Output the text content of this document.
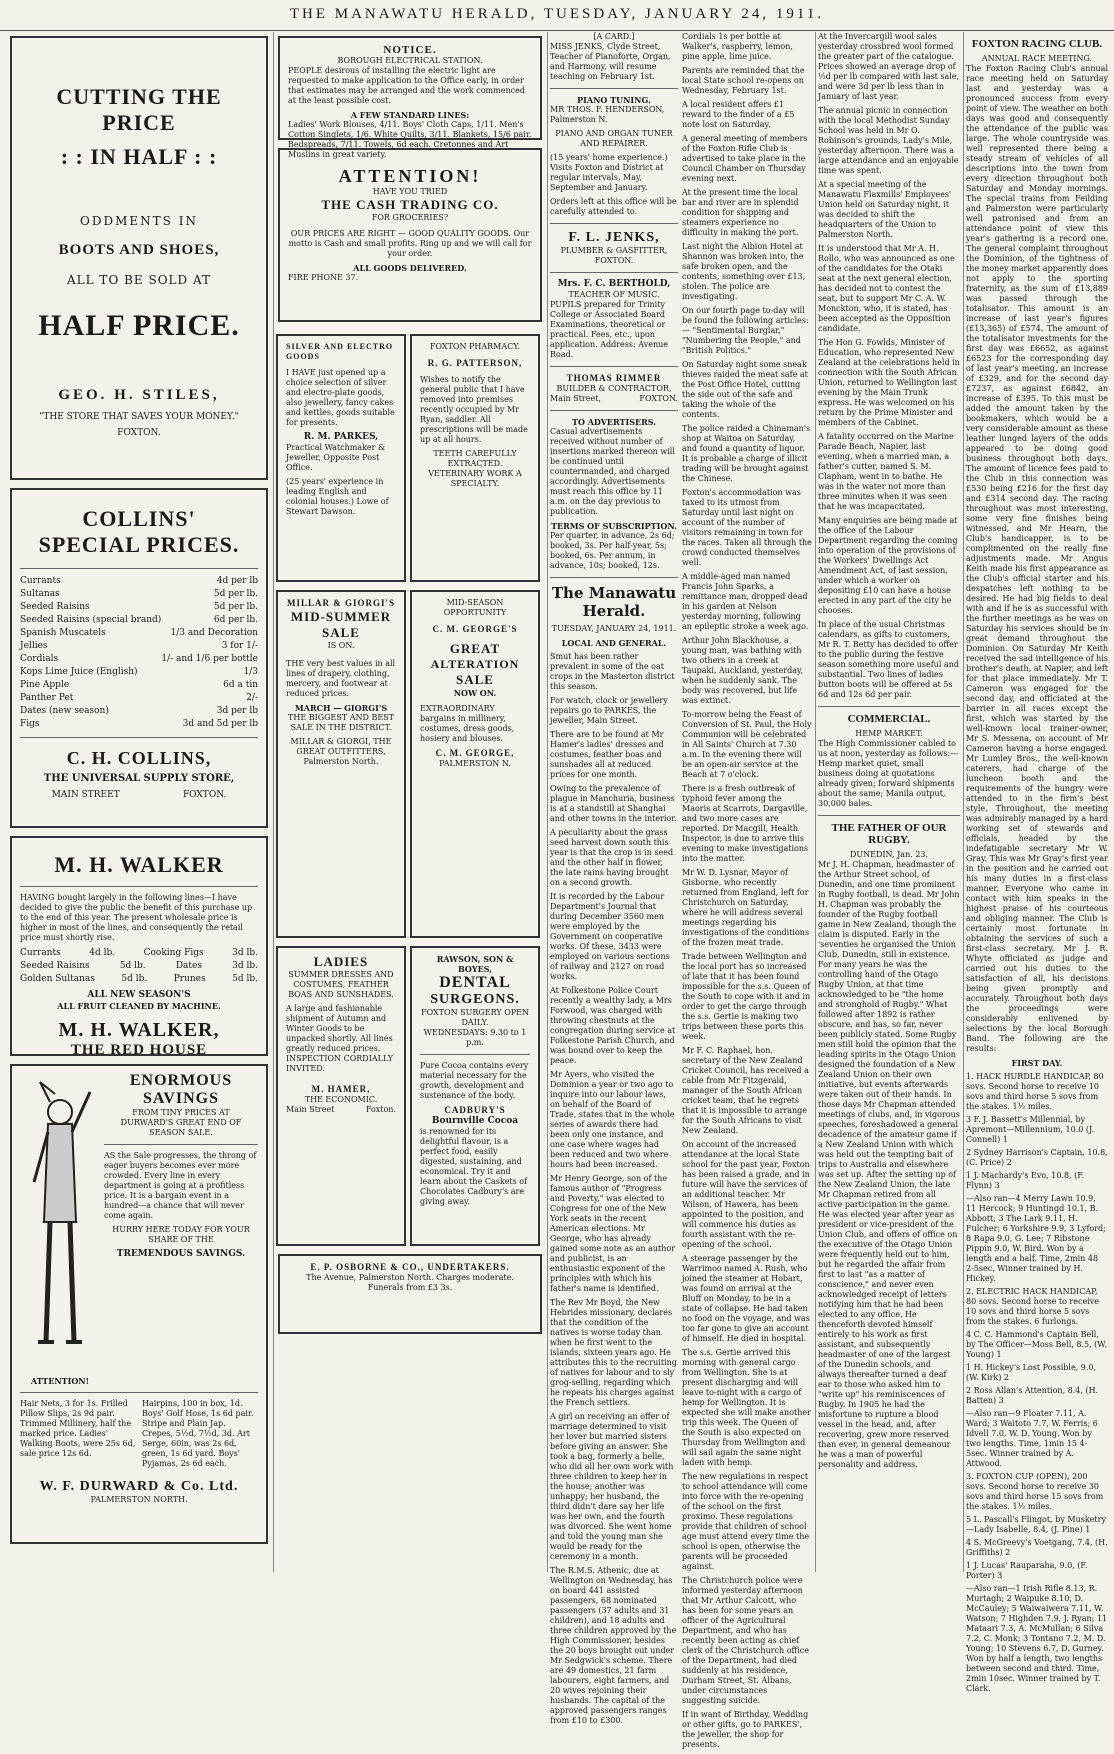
THE MANAWATU HERALD, TUESDAY, JANUARY 24, 1911.
CUTTING THE PRICE
: : IN HALF : :
ODDMENTS IN
BOOTS AND SHOES,
ALL TO BE SOLD AT
HALF PRICE.
GEO. H. STILES,
"THE STORE THAT SAVES YOUR MONEY."
FOXTON.
COLLINS'
SPECIAL PRICES.
Currants	4d per lb
Sultanas	5d per lb.
Seeded Raisins	5d per lb.
Seeded Raisins (special brand)	6d per lb.
Spanish Muscatels	1/3 and Decoration
Jellies	3 for 1/-
Cordials	1/- and 1/6 per bottle
Kops Lime Juice (English)	1/3
Pine Apple	6d a tin
Panther Pet	2/-
Dates (new season)	3d per lb
Figs	3d and 5d per lb
C. H. COLLINS,
THE UNIVERSAL SUPPLY STORE,
MAIN STREET	FOXTON.
M. H. WALKER

HAVING bought largely in the following lines—I have decided to give the public the benefit of this purchase up to the end of this year. The present wholesale price is higher in most of the lines, and consequently the retail price must shortly rise.

Currants	4d lb.	Cooking Figs	3d lb.
Seeded Raisins	5d lb.	Dates	3d lb.
Golden Sultanas	5d lb.	Prunes	5d lb.
ALL NEW SEASON'S
ALL FRUIT CLEANED BY MACHINE.
M. H. WALKER,
THE RED HOUSE
ATTENTION!
ENORMOUS
SAVINGS
FROM TINY PRICES AT
DURWARD'S GREAT END OF
SEASON SALE.

AS the Sale progresses, the throng of eager buyers becomes ever more crowded. Every line in every department is going at a profitless price. It is a bargain event in a hundred—a chance that will never come again.

HURRY HERE TODAY FOR YOUR SHARE OF THE

TREMENDOUS SAVINGS.

Hair Nets, 3 for 1s. Frilled Pillow Slips, 2s 9d pair. Trimmed Millinery, half the marked price. Ladies' Walking Boots, were 25s 6d, sale price 12s 6d.

Hairpins, 100 in box, 1d. Boys' Golf Hose, 1s 6d pair. Stripe and Plain Jap. Crepes, 5½d, 7½d, 3d. Art Serge, 60in, was 2s 6d, green, 1s 6d yard. Boys' Pyjamas, 2s 6d each.

W. F. DURWARD & Co. Ltd.
PALMERSTON NORTH.
NOTICE.
BOROUGH ELECTRICAL STATION.

PEOPLE desirous of installing the electric light are requested to make application to the Office early, in order that estimates may be arranged and the work commenced at the least possible cost.

A FEW STANDARD LINES:

Ladies' Work Blouses, 4/11. Boys' Cloth Caps, 1/11. Men's Cotton Singlets, 1/6. White Quilts, 3/11. Blankets, 15/6 pair. Bedspreads, 7/11. Towels, 6d each. Cretonnes and Art Muslins in great variety.

ATTENTION!
HAVE YOU TRIED
THE CASH TRADING CO.
FOR GROCERIES?

OUR PRICES ARE RIGHT — GOOD QUALITY GOODS. Our motto is Cash and small profits. Ring up and we will call for your order.

ALL GOODS DELIVERED.
FIRE PHONE 37.
SILVER AND ELECTRO GOODS

I HAVE just opened up a choice selection of silver and electro-plate goods, also jewellery, fancy cakes and kettles, goods suitable for presents.

R. M. PARKES,

Practical Watchmaker & Jeweller, Opposite Post Office.

(25 years' experience in leading English and colonial houses.) Lowe of Stewart Dawson.

FOXTON PHARMACY.
R. G. PATTERSON,

Wishes to notify the general public that I have removed into premises recently occupied by Mr Ryan, saddler. All prescriptions will be made up at all hours.

TEETH CAREFULLY EXTRACTED. VETERINARY WORK A SPECIALTY.

MILLAR & GIORGI'S
MID-SUMMER
SALE
IS ON.

THE very best values in all lines of drapery, clothing, mercery, and footwear at reduced prices.

MARCH — GIORGI'S

THE BIGGEST AND BEST SALE IN THE DISTRICT.

MILLAR & GIORGI, THE GREAT OUTFITTERS, Palmerston North.

MID-SEASON
OPPORTUNITY
C. M. GEORGE'S
GREAT
ALTERATION
SALE
NOW ON.

EXTRAORDINARY bargains in millinery, costumes, dress goods, hosiery and blouses.

C. M. GEORGE,
PALMERSTON N.
LADIES

SUMMER DRESSES AND COSTUMES, FEATHER BOAS AND SUNSHADES.

A large and fashionable shipment of Autumn and Winter Goods to be unpacked shortly. All lines greatly reduced prices. INSPECTION CORDIALLY INVITED.

M. HAMER,
THE ECONOMIC.
Main Street	Foxton.
RAWSON, SON & BOYES,
DENTAL
SURGEONS.
FOXTON SURGERY OPEN DAILY.
WEDNESDAYS: 9.30 to 1 p.m.

Pure Cocoa contains every material necessary for the growth, development and sustenance of the body.

CADBURY'S
Bournville Cocoa

is renowned for its delightful flavour, is a perfect food, easily digested, sustaining, and economical. Try it and learn about the Caskets of Chocolates Cadbury's are giving away.

E. P. OSBORNE & CO., UNDERTAKERS.

The Avenue, Palmerston North. Charges moderate. Funerals from £3 3s.

[A CARD.]

MISS JENKS, Clyde Street, Teacher of Pianoforte, Organ, and Harmony, will resume teaching on February 1st.

PIANO TUNING.

MR THOS. F. HENDERSON, Palmerston N.

PIANO AND ORGAN TUNER AND REPAIRER.

(15 years' home experience.) Visits Foxton and District at regular intervals, May, September and January.

Orders left at this office will be carefully attended to.

F. L. JENKS,
PLUMBER & GASFITTER,
FOXTON.
Mrs. F. C. BERTHOLD,
TEACHER OF MUSIC.

PUPILS prepared for Trinity College or Associated Board Examinations, theoretical or practical. Fees, etc., upon application. Address: Avenue Road.

THOMAS RIMMER
BUILDER & CONTRACTOR,
Main Street,	FOXTON.
TO ADVERTISERS.

Casual advertisements received without number of insertions marked thereon will be continued until countermanded, and charged accordingly. Advertisements must reach this office by 11 a.m. on the day previous to publication.

TERMS OF SUBSCRIPTION.

Per quarter, in advance, 2s 6d; booked, 3s. Per half-year, 5s; booked, 6s. Per annum, in advance, 10s; booked, 12s.

The Manawatu Herald.
TUESDAY, JANUARY 24, 1911.
LOCAL AND GENERAL.

Smut has been rather prevalent in some of the oat crops in the Masterton district this season.

For watch, clock or jewellery repairs go to PARKES, the jeweller, Main Street.

There are to be found at Mr Hamer's ladies' dresses and costumes, feather boas and sunshades all at reduced prices for one month.

Owing to the prevalence of plague in Manchuria, business is at a standstill at Shanghai and other towns in the interior.

A peculiarity about the grass seed harvest down south this year is that the crop is in seed and the other half in flower, the late rains having brought on a second growth.

It is recorded by the Labour Department's Journal that during December 3560 men were employed by the Government on cooperative works. Of these, 3433 were employed on various sections of railway and 2127 on road works.

At Folkestone Police Court recently a wealthy lady, a Mrs Forwood, was charged with throwing chestnuts at the congregation during service at Folkestone Parish Church, and was bound over to keep the peace.

Mr Ayers, who visited the Dominion a year or two ago to inquire into our labour laws, on behalf of the Board of Trade, states that in the whole series of awards there had been only one instance, and one case where wages had been reduced and two where hours had been increased.

Mr Henry George, son of the famous author of "Progress and Poverty," was elected to Congress for one of the New York seats in the recent American elections. Mr George, who has already gained some note as an author and publicist, is an enthusiastic exponent of the principles with which his father's name is identified.

The Rev Mr Boyd, the New Hebrides missionary, declares that the condition of the natives is worse today than when he first went to the islands, sixteen years ago. He attributes this to the recruiting of natives for labour and to sly grog-selling, regarding which he repeats his charges against the French settlers.

A girl on receiving an offer of marriage determined to visit her lover but married sisters before giving an answer. She took a bag, formerly a belle, who did all her own work with three children to keep her in the house; another was unhappy; her husband, the third didn't dare say her life was her own, and the fourth was divorced. She went home and told the young man she would be ready for the ceremony in a month.

The R.M.S. Athenic, due at Wellington on Wednesday, has on board 441 assisted passengers, 68 nominated passengers (37 adults and 31 children), and 18 adults and three children approved by the High Commissioner, besides the 20 boys brought out under Mr Sedgwick's scheme. There are 49 domestics, 21 farm labourers, eight farmers, and 20 wives rejoining their husbands. The capital of the approved passengers ranges from £10 to £300.

Cordials 1s per bottle at Walker's, raspberry, lemon, pine apple, lime juice.

Parents are reminded that the local State school re-opens on Wednesday, February 1st.

A local resident offers £1 reward to the finder of a £5 note lost on Saturday.

A general meeting of members of the Foxton Rifle Club is advertised to take place in the Council Chamber on Thursday evening next.

At the present time the local bar and river are in splendid condition for shipping and steamers experience no difficulty in making the port.

Last night the Albion Hotel at Shannon was broken into, the safe broken open, and the contents, something over £13, stolen. The police are investigating.

On our fourth page to-day will be found the following articles:— "Sentimental Burglar," "Numbering the People," and "British Politics."

On Saturday night some sneak thieves raided the meat safe at the Post Office Hotel, cutting the side out of the safe and taking the whole of the contents.

The police raided a Chinaman's shop at Waitoa on Saturday, and found a quantity of liquor. It is probable a charge of illicit trading will be brought against the Chinese.

Foxton's accommodation was taxed to its utmost from Saturday until last night on account of the number of visitors remaining in town for the races. Taken all through the crowd conducted themselves well.

A middle-aged man named Francis John Sparks, a remittance man, dropped dead in his garden at Nelson yesterday morning, following an epileptic stroke a week ago.

Arthur John Blackhouse, a young man, was bathing with two others in a creek at Taupaki, Auckland, yesterday, when he suddenly sank. The body was recovered, but life was extinct.

To-morrow being the Feast of Conversion of St. Paul, the Holy Communion will be celebrated in All Saints' Church at 7.30 a.m. In the evening there will be an open-air service at the Beach at 7 o'clock.

There is a fresh outbreak of typhoid fever among the Maoris at Scarrots, Dargaville, and two more cases are reported. Dr Macgill, Health Inspector, is due to arrive this evening to make investigations into the matter.

Mr W. D. Lysnar, Mayor of Gisborne, who recently returned from England, left for Christchurch on Saturday, where he will address several meetings regarding his investigations of the conditions of the frozen meat trade.

Trade between Wellington and the local port has so increased of late that it has been found impossible for the s.s. Queen of the South to cope with it and in order to get the cargo through the s.s. Gertie is making two trips between these ports this week.

Mr F. C. Raphael, hon. secretary of the New Zealand Cricket Council, has received a cable from Mr Fitzgerald, manager of the South African cricket team, that he regrets that it is impossible to arrange for the South Africans to visit New Zealand.

On account of the increased attendance at the local State school for the past year, Foxton has been raised a grade, and in future will have the services of an additional teacher. Mr Wilson, of Hawera, has been appointed to the position, and will commence his duties as fourth assistant with the re-opening of the school.

A steerage passenger by the Warrimoo named A. Rush, who joined the steamer at Hobart, was found on arrival at the Bluff on Monday, to be in a state of collapse. He had taken no food on the voyage, and was too far gone to give an account of himself. He died in hospital.

The s.s. Gertie arrived this morning with general cargo from Wellington. She is at present discharging and will leave to-night with a cargo of hemp for Wellington. It is expected she will make another trip this week. The Queen of the South is also expected on Thursday from Wellington and will sail again the same night laden with hemp.

The new regulations in respect to school attendance will come into force with the re-opening of the school on the first proximo. These regulations provide that children of school age must attend every time the school is open, otherwise the parents will be proceeded against.

The Christchurch police were informed yesterday afternoon that Mr Arthur Calcott, who has been for some years an officer of the Agricultural Department, and who has recently been acting as chief clerk of the Christchurch office of the Department, had died suddenly at his residence, Durham Street, St. Albans, under circumstances suggesting suicide.

If in want of Birthday, Wedding or other gifts, go to PARKES', the jeweller, the shop for presents.

At the Invercargill wool sales yesterday crossbred wool formed the greater part of the catalogue. Prices showed an average drop of ½d per lb compared with last sale, and were 3d per lb less than in January of last year.

The annual picnic in connection with the local Methodist Sunday School was held in Mr O. Robinson's grounds, Lady's Mile, yesterday afternoon. There was a large attendance and an enjoyable time was spent.

At a special meeting of the Manawatu Flaxmills' Employees' Union held on Saturday night, it was decided to shift the headquarters of the Union to Palmerston North.

It is understood that Mr A. H. Rollo, who was announced as one of the candidates for the Otaki seat at the next general election, has decided not to contest the seat, but to support Mr C. A. W. Monckton, who, it is stated, has been accepted as the Opposition candidate.

The Hon G. Fowlds, Minister of Education, who represented New Zealand at the celebrations held in connection with the South African Union, returned to Wellington last evening by the Main Trunk express. He was welcomed on his return by the Prime Minister and members of the Cabinet.

A fatality occurred on the Marine Parade Beach, Napier, last evening, when a married man, a father's cutter, named S. M. Clapham, went in to bathe. He was in the water not more than three minutes when it was seen that he was incapacitated.

Many enquiries are being made at the office of the Labour Department regarding the coming into operation of the provisions of the Workers' Dwellings Act Amendment Act, of last session, under which a worker on depositing £10 can have a house erected in any part of the city he chooses.

In place of the usual Christmas calendars, as gifts to customers, Mr R. T. Betty has decided to offer to the public during the festive season something more useful and substantial. Two lines of ladies button boots will be offered at 5s 6d and 12s 6d per pair.

COMMERCIAL.
HEMP MARKET.

The High Commissioner cabled to us at noon, yesterday as follows:—Hemp market quiet, small business doing at quotations already given; forward shipments about the same; Manila output, 30,000 bales.

THE FATHER OF OUR RUGBY.
DUNEDIN, Jan. 23.

Mr J. H. Chapman, headmaster of the Arthur Street school, of Dunedin, and one time prominent in Rugby football, is dead. Mr John H. Chapman was probably the founder of the Rugby football game in New Zealand, though the claim is disputed. Early in the 'seventies he organised the Union Club, Dunedin, still in existence. For many years he was the controlling hand of the Otago Rugby Union, at that time acknowledged to be "the home and stronghold of Rugby." What followed after 1892 is rather obscure, and has, so far, never been publicly stated. Some Rugby men still hold the opinion that the leading spirits in the Otago Union designed the foundation of a New Zealand Union on their own initiative, but events afterwards were taken out of their hands. In those days Mr Chapman attended meetings of clubs, and, in vigorous speeches, foreshadowed a general decadence of the amateur game if a New Zealand Union with which was held out the tempting bait of trips to Australia and elsewhere was set up. After the setting up of the New Zealand Union, the late Mr Chapman retired from all active participation in the game. He was elected year after year as president or vice-president of the Union Club, and offers of office on the executive of the Otago Union were frequently held out to him, but he regarded the affair from first to last "as a matter of conscience," and never even acknowledged receipt of letters notifying him that he had been elected to any office. He thenceforth devoted himself entirely to his work as first assistant, and subsequently headmaster of one of the largest of the Dunedin schools, and always thereafter turned a deaf ear to those who asked him to "write up" his reminiscences of Rugby. In 1905 he had the misfortune to rupture a blood vessel in the head, and, after recovering, grew more reserved than ever, in general demeanour he was a man of powerful personality and address.

FOXTON RACING CLUB.
ANNUAL RACE MEETING.

The Foxton Racing Club's annual race meeting held on Saturday last and yesterday was a pronounced success from every point of view. The weather on both days was good and consequently the attendance of the public was large. The whole countryside was well represented there being a steady stream of vehicles of all descriptions into the town from every direction throughout both Saturday and Monday mornings. The special trains from Feilding and Palmerston were particularly well patronised and from an attendance point of view this year's gathering is a record one. The general complaint throughout the Dominion, of the tightness of the money market apparently does not apply to the sporting fraternity, as the sum of £13,889 was passed through the totalisator. This amount is an increase of last year's figures (£13,365) of £574. The amount of the totalisator investments for the first day was £6652, as against £6523 for the corresponding day of last year's meeting, an increase of £329, and for the second day £7237, as against £6842, an increase of £395. To this must be added the amount taken by the bookmakers, which would be a very considerable amount as these leather lunged layers of the odds appeared to be doing good business throughout both days. The amount of licence fees paid to the Club in this connection was £530 being £216 for the first day and £314 second day. The racing throughout was most interesting, some very fine finishes being witnessed, and Mr Hearn, the Club's handicapper, is to be complimented on the really fine adjustments made. Mr Angus Keith made his first appearance as the Club's official starter and his despatches left nothing to be desired. He had big fields to deal with and if he is as successful with the further meetings as he was on Saturday his services should be in great demand throughout the Dominion. On Saturday Mr Keith received the sad intelligence of his brother's death, at Napier, and left for that place immediately. Mr T. Cameron was engaged for the second day, and officiated at the barrier in all races except the first, which was started by the well-known local trainer-owner, Mr S. Messena, on account of Mr Cameron having a horse engaged. Mr Lumley Bros., the well-known caterers, had charge of the luncheon booth and the requirements of the hungry were attended to in the firm's best style. Throughout, the meeting was admirably managed by a hard working set of stewards and officials, headed by the indefatigable secretary Mr W. Gray. This was Mr Gray's first year in the position and he carried out his many duties in a first-class manner. Everyone who came in contact with him speaks in the highest praise of his courteous and obliging manner. The Club is certainly most fortunate in obtaining the services of such a first-class secretary. Mr J. R. Whyte officiated as judge and carried out his duties to the satisfaction of all, his decisions being given promptly and accurately. Throughout both days the proceedings were considerably enlivened by selections by the local Borough Band. The following are the results:

FIRST DAY.

1. HACK HURDLE HANDICAP, 80 sovs. Second horse to receive 10 sovs and third horse 5 sovs from the stakes. 1½ miles.

3 F. J. Bassett's Millennial, by Apremont—Millennium, 10.0 (J. Connell) 1

2 Sydney Harrison's Captain, 10.8, (C. Price) 2

1 J. Machardy's Evo, 10.8, (F. Flynn) 3

—Also ran—4 Merry Lawn 10.9, 11 Hercock; 9 Huntingd 10.1, B. Abbott; 3 The Lark 9.11, H. Fulcher; 6 Yorkshire 9.9, 3 Lyford; 8 Rapa 9.0, G. Lee; 7 Ribstone Pippin 9.0, W. Bird. Won by a length and a half. Time, 2min 48 2-5sec. Winner trained by H. Hickey.

2. ELECTRIC HACK HANDICAP, 80 sovs. Second horse to receive 10 sovs and third horse 5 sovs from the stakes. 6 furlongs.

4 C. C. Hammond's Captain Bell, by The Officer—Moss Bell, 8.5, (W. Young) 1

1 H. Hickey's Lost Possible, 9.0, (W. Kirk) 2

2 Ross Allan's Attention, 8.4, (H. Batten) 3

—Also ran—9 Floater 7.11, A. Ward; 3 Waitoto 7.7, W. Ferris; 6 Idvell 7.0, W. D. Young. Won by two lengths. Time, 1min 15 4-5sec. Winner trained by A. Attwood.

3. FOXTON CUP (OPEN), 200 sovs. Second horse to receive 30 sovs and third horse 15 sovs from the stakes. 1½ miles.

5 L. Pascall's Flingot, by Musketry—Lady Isabelle, 8.4, (J. Pine) 1

4 S. McGreevy's Voetgang, 7.4, (H. Griffiths) 2

1 J. Lucas' Rauparaha, 9.0, (F. Porter) 3

—Also ran—1 Irish Rifle 8.13, R. Murtagh; 2 Waipuke 8.10, D. McCauley; 5 Waiwaiwera 7.11, W. Watson; 7 Highden 7.9, J. Ryan; 11 Mataari 7.3, A. McMullan; 6 Silva 7.2, C. Monk; 3 Tontano 7.2, M. D. Young; 10 Stevens 6.7, D. Gurney. Won by half a length, two lengths between second and third. Time, 2min 10sec. Winner trained by T. Clark.
